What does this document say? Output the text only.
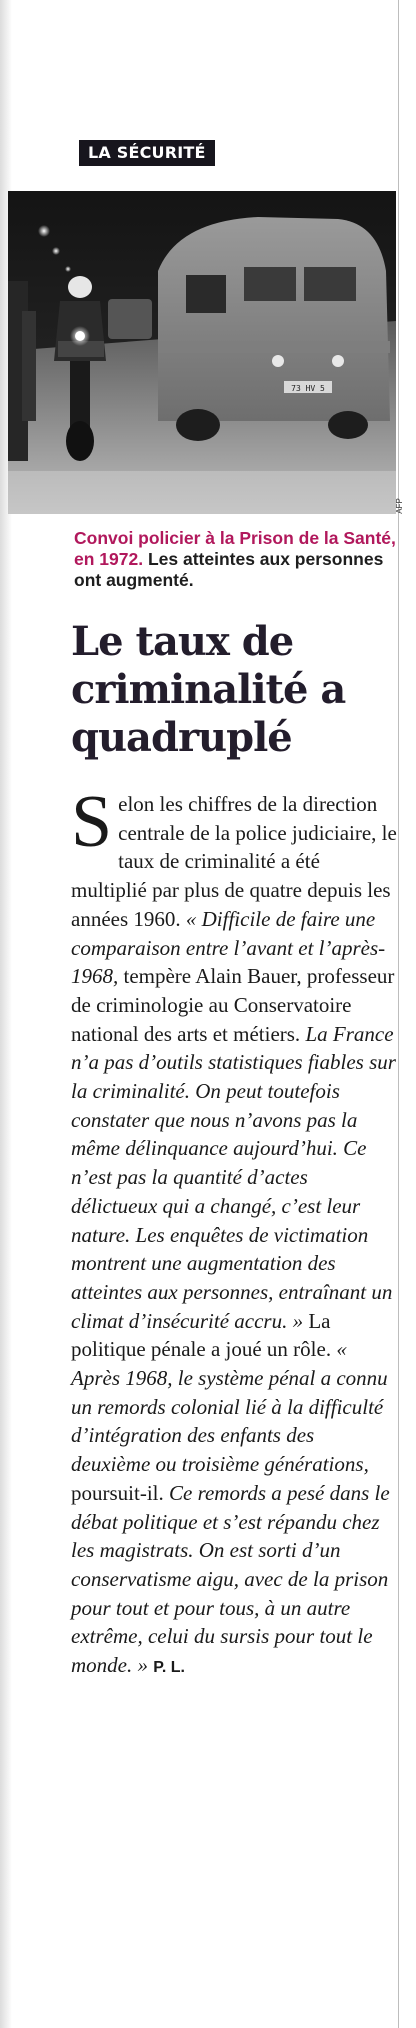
LA SÉCURITÉ
73 HV 5
AFP
Convoi policier à la Prison de la Santé, en 1972. Les atteintes aux personnes ont augmenté.
Le taux de criminalité a quadruplé

Selon les chiffres de la direction centrale de la police judiciaire, le taux de criminalité a été multiplié par plus de quatre depuis les années 1960. « Difficile de faire une comparaison entre l’avant et l’après-1968, tempère Alain Bauer, professeur de criminologie au Conservatoire national des arts et métiers. La France n’a pas d’outils statistiques fiables sur la criminalité. On peut toutefois constater que nous n’avons pas la même délinquance aujourd’hui. Ce n’est pas la quantité d’actes délictueux qui a changé, c’est leur nature. Les enquêtes de victimation montrent une augmentation des atteintes aux personnes, entraînant un climat d’insécurité accru. » La politique pénale a joué un rôle. « Après 1968, le système pénal a connu un remords colonial lié à la difficulté d’intégration des enfants des deuxième ou troisième générations, poursuit-il. Ce remords a pesé dans le débat politique et s’est répandu chez les magistrats. On est sorti d’un conservatisme aigu, avec de la prison pour tout et pour tous, à un autre extrême, celui du sursis pour tout le monde. » P. L.
